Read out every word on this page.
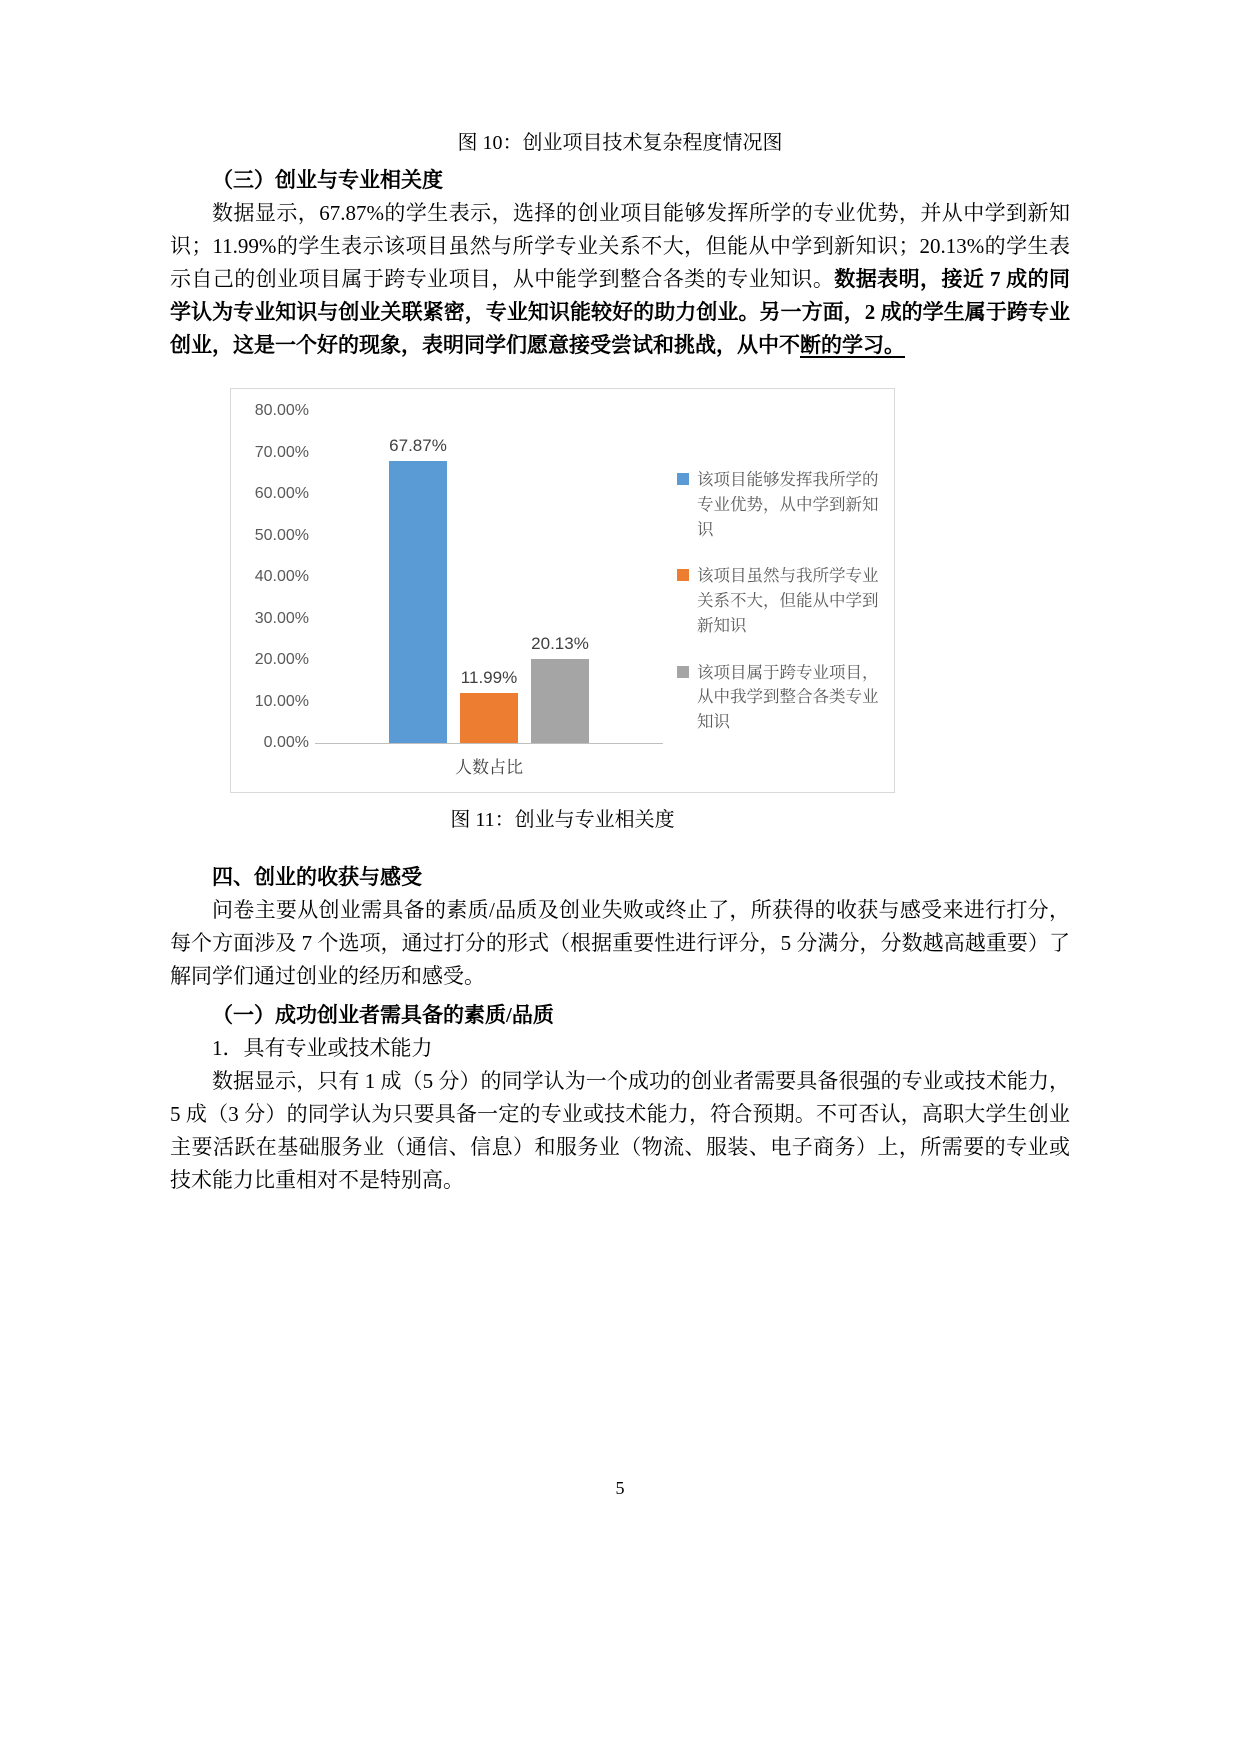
图 10：创业项目技术复杂程度情况图
（三）创业与专业相关度

数据显示，67.87%的学生表示，选择的创业项目能够发挥所学的专业优势，并从中学到新知识；11.99%的学生表示该项目虽然与所学专业关系不大，但能从中学到新知识；20.13%的学生表示自己的创业项目属于跨专业项目，从中能学到整合各类的专业知识。数据表明，接近 7 成的同学认为专业知识与创业关联紧密，专业知识能较好的助力创业。另一方面，2 成的学生属于跨专业创业，这是一个好的现象，表明同学们愿意接受尝试和挑战，从中不断的学习。

80.00%
70.00%
60.00%
50.00%
40.00%
30.00%
20.00%
10.00%
0.00%
67.87%
11.99%
20.13%
人数占比
该项目能够发挥我所学的专业优势，从中学到新知识
该项目虽然与我所学专业关系不大，但能从中学到新知识
该项目属于跨专业项目，从中我学到整合各类专业知识
图 11：创业与专业相关度
四、创业的收获与感受

问卷主要从创业需具备的素质/品质及创业失败或终止了，所获得的收获与感受来进行打分，每个方面涉及 7 个选项，通过打分的形式（根据重要性进行评分，5 分满分，分数越高越重要）了解同学们通过创业的经历和感受。

（一）成功创业者需具备的素质/品质
1．具有专业或技术能力

数据显示，只有 1 成（5 分）的同学认为一个成功的创业者需要具备很强的专业或技术能力，5 成（3 分）的同学认为只要具备一定的专业或技术能力，符合预期。不可否认，高职大学生创业主要活跃在基础服务业（通信、信息）和服务业（物流、服装、电子商务）上，所需要的专业或技术能力比重相对不是特别高。

5
